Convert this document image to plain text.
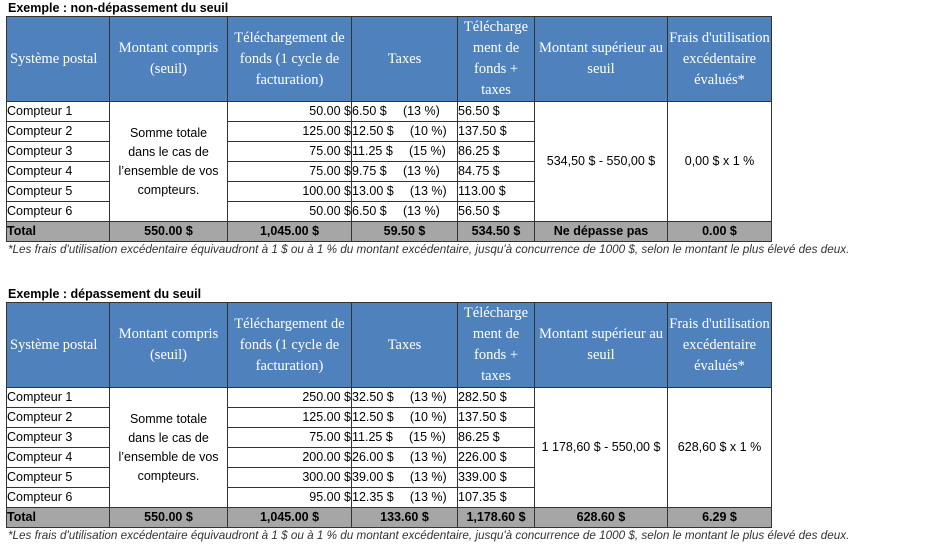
Exemple : non-dépassement du seuil
Système postal	Montant compris (seuil)	Téléchargement de fonds (1 cycle de facturation)	Taxes	Télécharge ment de fonds + taxes	Montant supérieur au seuil	Frais d'utilisation excédentaire évalués*
Compteur 1	Somme totale dans le cas de l’ensemble de vos compteurs.	50.00 $	6.50 $ (13 %)	56.50 $	534,50 $ - 550,00 $	0,00 $ x 1 %
Compteur 2		125.00 $	12.50 $ (10 %)	137.50 $		
Compteur 3		75.00 $	11.25 $ (15 %)	86.25 $		
Compteur 4		75.00 $	9.75 $ (13 %)	84.75 $		
Compteur 5		100.00 $	13.00 $ (13 %)	113.00 $		
Compteur 6		50.00 $	6.50 $ (13 %)	56.50 $		
Total	550.00 $	1,045.00 $	59.50 $	534.50 $	Ne dépasse pas	0.00 $
*Les frais d'utilisation excédentaire équivaudront à 1 $ ou à 1 % du montant excédentaire, jusqu'à concurrence de 1000 $, selon le montant le plus élevé des deux.
Exemple : dépassement du seuil
Système postal	Montant compris (seuil)	Téléchargement de fonds (1 cycle de facturation)	Taxes	Télécharge ment de fonds + taxes	Montant supérieur au seuil	Frais d'utilisation excédentaire évalués*
Compteur 1	Somme totale dans le cas de l’ensemble de vos compteurs.	250.00 $	32.50 $ (13 %)	282.50 $	1 178,60 $ - 550,00 $	628,60 $ x 1 %
Compteur 2		125.00 $	12.50 $ (10 %)	137.50 $		
Compteur 3		75.00 $	11.25 $ (15 %)	86.25 $		
Compteur 4		200.00 $	26.00 $ (13 %)	226.00 $		
Compteur 5		300.00 $	39.00 $ (13 %)	339.00 $		
Compteur 6		95.00 $	12.35 $ (13 %)	107.35 $		
Total	550.00 $	1,045.00 $	133.60 $	1,178.60 $	628.60 $	6.29 $
*Les frais d'utilisation excédentaire équivaudront à 1 $ ou à 1 % du montant excédentaire, jusqu'à concurrence de 1000 $, selon le montant le plus élevé des deux.
